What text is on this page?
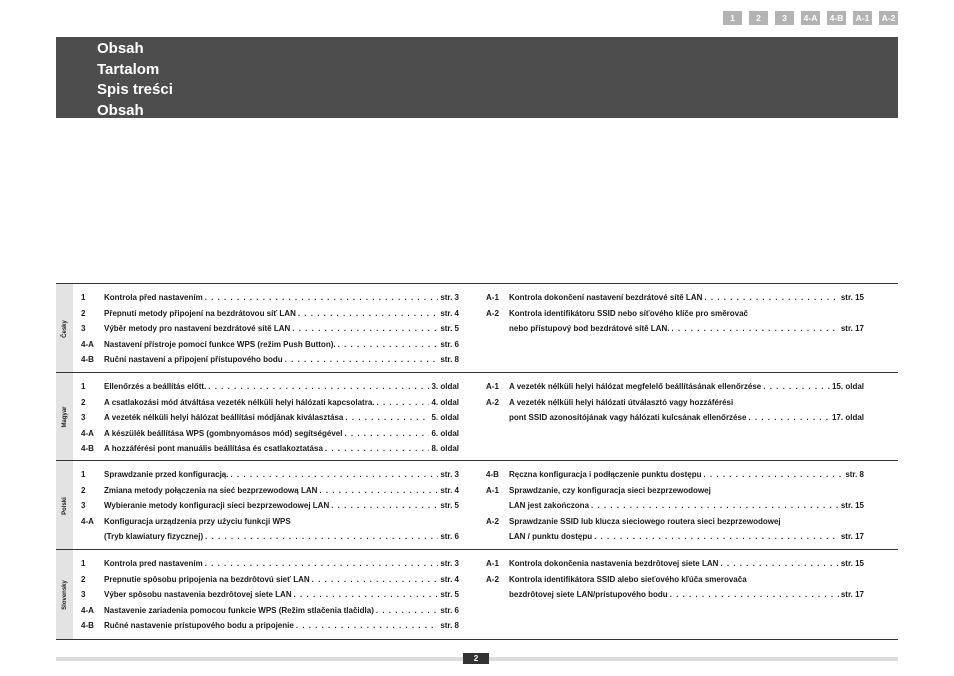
1	2	3	4-A	4-B	A-1	A-2
Obsah
Tartalom
Spis treści
Obsah
Česky
1	Kontrola před nastavením . . .	str. 3
2	Přepnutí metody připojení na bezdrátovou síť LAN . . .	str. 4
3	Výběr metody pro nastavení bezdrátové sítě LAN . . .	str. 5
4-A	Nastavení přístroje pomocí funkce WPS (režim Push Button). . . .	str. 6
4-B	Ruční nastavení a připojení přístupového bodu . . .	str. 8
A-1	Kontrola dokončení nastavení bezdrátové sítě LAN . . .	str. 15
A-2	Kontrola identifikátoru SSID nebo síťového klíče pro směrovač
nebo přístupový bod bezdrátové sítě LAN. . . .	str. 17
Magyar
1	Ellenőrzés a beállítás előtt. . . .	3. oldal
2	A csatlakozási mód átváltása vezeték nélküli helyi hálózati kapcsolatra. . . .	4. oldal
3	A vezeték nélküli helyi hálózat beállítási módjának kiválasztása . . .	5. oldal
4-A	A készülék beállítása WPS (gombnyomásos mód) segítségével . . .	6. oldal
4-B	A hozzáférési pont manuális beállítása és csatlakoztatása . . .	8. oldal
A-1	A vezeték nélküli helyi hálózat megfelelő beállításának ellenőrzése . . .	15. oldal
A-2	A vezeték nélküli helyi hálózati útválasztó vagy hozzáférési
pont SSID azonosítójának vagy hálózati kulcsának ellenőrzése . . .	17. oldal
Polski
1	Sprawdzanie przed konfiguracją. . . .	str. 3
2	Zmiana metody połączenia na sieć bezprzewodową LAN . . .	str. 4
3	Wybieranie metody konfiguracji sieci bezprzewodowej LAN . . .	str. 5
4-A	Konfiguracja urządzenia przy użyciu funkcji WPS
(Tryb klawiatury fizycznej) . . .	str. 6
4-B	Ręczna konfiguracja i podłączenie punktu dostępu . . .	str. 8
A-1	Sprawdzanie, czy konfiguracja sieci bezprzewodowej
LAN jest zakończona . . .	str. 15
A-2	Sprawdzanie SSID lub klucza sieciowego routera sieci bezprzewodowej
LAN / punktu dostępu . . .	str. 17
Slovensky
1	Kontrola pred nastavením . . .	str. 3
2	Prepnutie spôsobu pripojenia na bezdrôtovú sieť LAN . . .	str. 4
3	Výber spôsobu nastavenia bezdrôtovej siete LAN . . .	str. 5
4-A	Nastavenie zariadenia pomocou funkcie WPS (Režim stlačenia tlačidla) . . .	str. 6
4-B	Ručné nastavenie prístupového bodu a pripojenie . . .	str. 8
A-1	Kontrola dokončenia nastavenia bezdrôtovej siete LAN . . .	str. 15
A-2	Kontrola identifikátora SSID alebo sieťového kľúča smerovača
bezdrôtovej siete LAN/prístupového bodu . . .	str. 17
2
